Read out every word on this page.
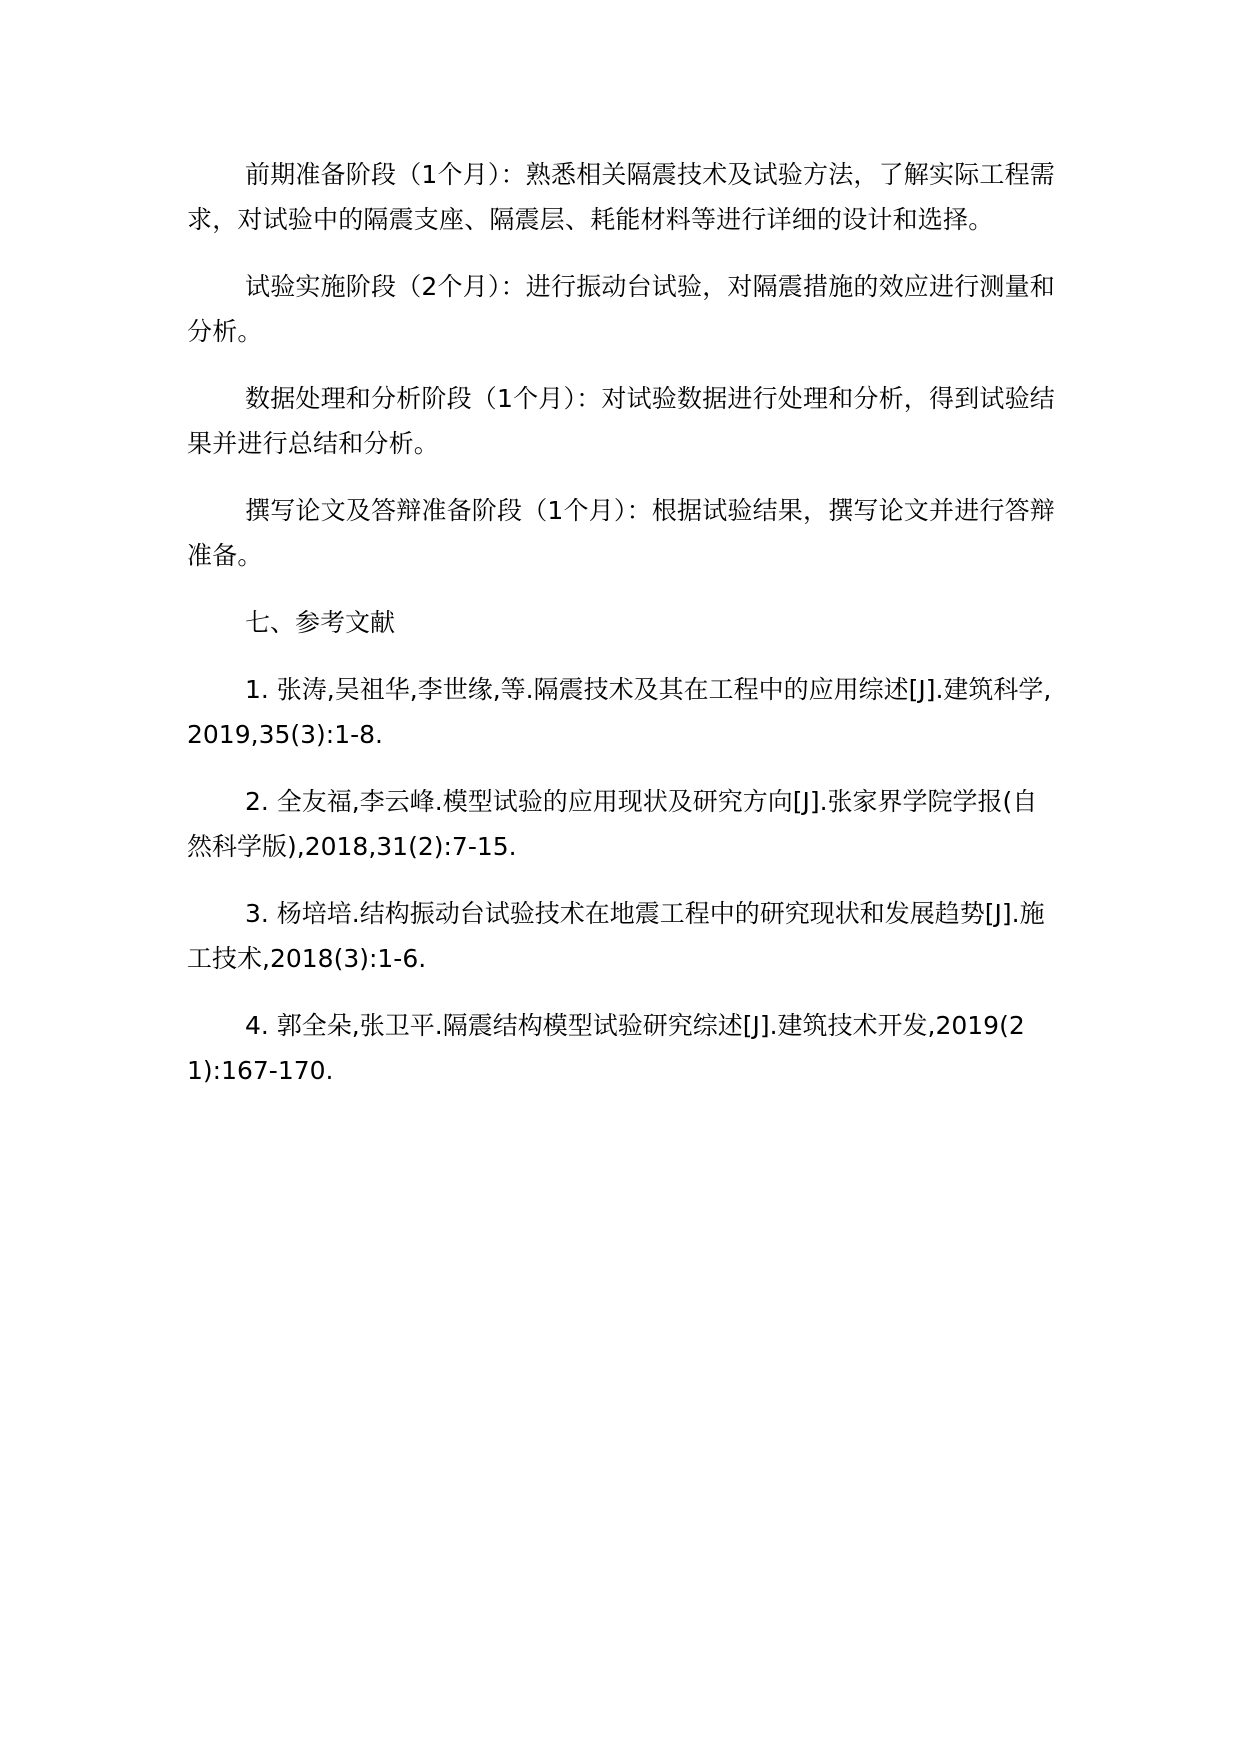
前期准备阶段（1个月）：熟悉相关隔震技术及试验方法，了解实际工程需求，对试验中的隔震支座、隔震层、耗能材料等进行详细的设计和选择。

试验实施阶段（2个月）：进行振动台试验，对隔震措施的效应进行测量和分析。

数据处理和分析阶段（1个月）：对试验数据进行处理和分析，得到试验结果并进行总结和分析。

撰写论文及答辩准备阶段（1个月）：根据试验结果，撰写论文并进行答辩准备。

七、参考文献

1. 张涛,吴祖华,李世缘,等.隔震技术及其在工程中的应用综述[J].建筑科学,2019,35(3):1-8.

2. 全友福,李云峰.模型试验的应用现状及研究方向[J].张家界学院学报(自然科学版),2018,31(2):7-15.

3. 杨培培.结构振动台试验技术在地震工程中的研究现状和发展趋势[J].施工技术,2018(3):1-6.

4. 郭全朵,张卫平.隔震结构模型试验研究综述[J].建筑技术开发,2019(21):167-170.
